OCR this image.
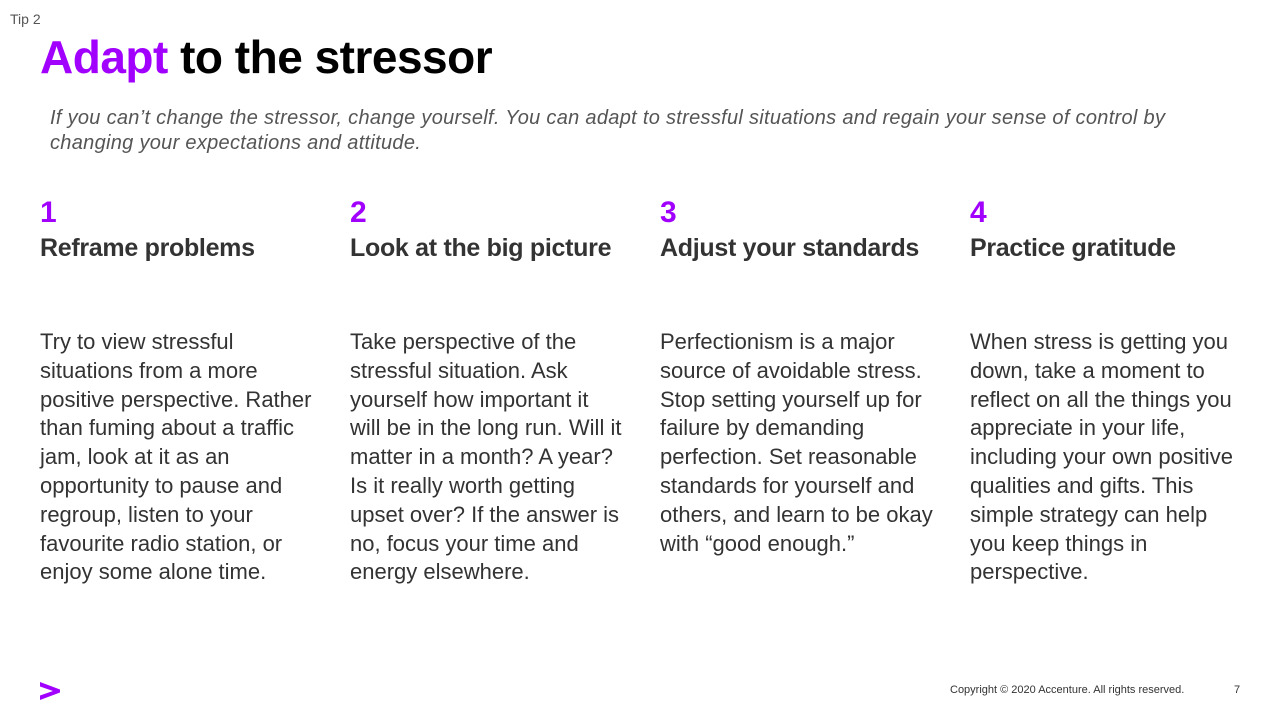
Tip 2
Adapt to the stressor

If you can’t change the stressor, change yourself. You can adapt to stressful situations and regain your sense of control by changing your expectations and attitude.

1
Reframe problems
Try to view stressful situations from a more positive perspective. Rather than fuming about a traffic jam, look at it as an opportunity to pause and regroup, listen to your favourite radio station, or enjoy some alone time.
2
Look at the big picture
Take perspective of the stressful situation. Ask yourself how important it will be in the long run. Will it matter in a month? A year? Is it really worth getting upset over? If the answer is no, focus your time and energy elsewhere.
3
Adjust your standards
Perfectionism is a major source of avoidable stress. Stop setting yourself up for failure by demanding perfection. Set reasonable standards for yourself and others, and learn to be okay with “good enough.”
4
Practice gratitude
When stress is getting you down, take a moment to reflect on all the things you appreciate in your life, including your own positive qualities and gifts. This simple strategy can help you keep things in perspective.
Copyright © 2020 Accenture. All rights reserved.	7
